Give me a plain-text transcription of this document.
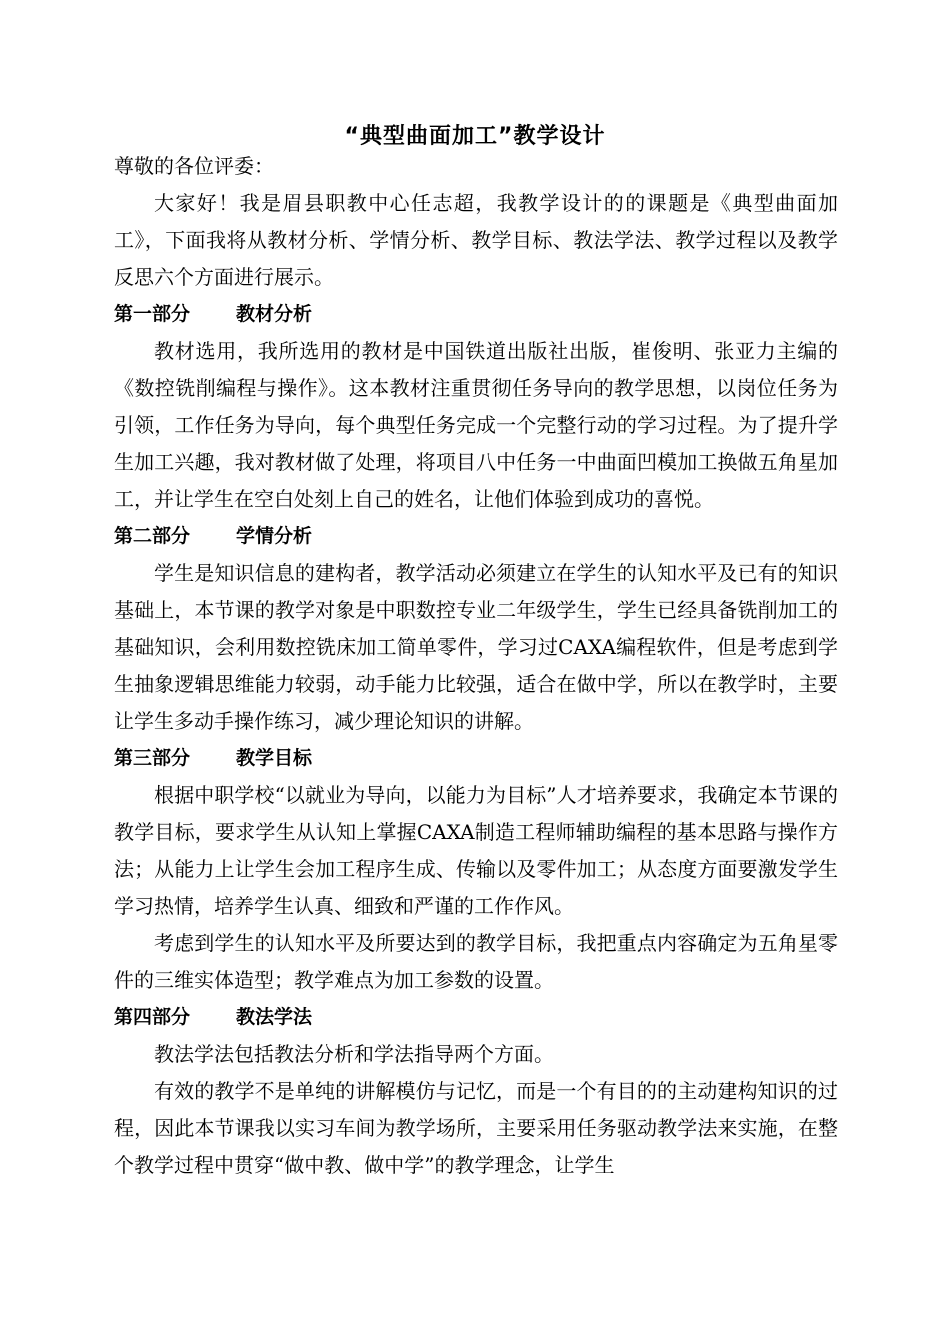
“典型曲面加工”教学设计

尊敬的各位评委：

大家好！我是眉县职教中心任志超，我教学设计的的课题是《典型曲面加工》，下面我将从教材分析、学情分析、教学目标、教法学法、教学过程以及教学反思六个方面进行展示。

第一部分 教材分析

教材选用，我所选用的教材是中国铁道出版社出版，崔俊明、张亚力主编的《数控铣削编程与操作》。这本教材注重贯彻任务导向的教学思想，以岗位任务为引领，工作任务为导向，每个典型任务完成一个完整行动的学习过程。为了提升学生加工兴趣，我对教材做了处理，将项目八中任务一中曲面凹模加工换做五角星加工，并让学生在空白处刻上自己的姓名，让他们体验到成功的喜悦。

第二部分 学情分析

学生是知识信息的建构者，教学活动必须建立在学生的认知水平及已有的知识基础上，本节课的教学对象是中职数控专业二年级学生，学生已经具备铣削加工的基础知识，会利用数控铣床加工简单零件，学习过CAXA编程软件，但是考虑到学生抽象逻辑思维能力较弱，动手能力比较强，适合在做中学，所以在教学时，主要让学生多动手操作练习，减少理论知识的讲解。

第三部分 教学目标

根据中职学校“以就业为导向，以能力为目标”人才培养要求，我确定本节课的教学目标，要求学生从认知上掌握CAXA制造工程师辅助编程的基本思路与操作方法；从能力上让学生会加工程序生成、传输以及零件加工；从态度方面要激发学生学习热情，培养学生认真、细致和严谨的工作作风。

考虑到学生的认知水平及所要达到的教学目标，我把重点内容确定为五角星零件的三维实体造型；教学难点为加工参数的设置。

第四部分 教法学法

教法学法包括教法分析和学法指导两个方面。

有效的教学不是单纯的讲解模仿与记忆，而是一个有目的的主动建构知识的过程，因此本节课我以实习车间为教学场所，主要采用任务驱动教学法来实施，在整个教学过程中贯穿“做中教、做中学”的教学理念，让学生
